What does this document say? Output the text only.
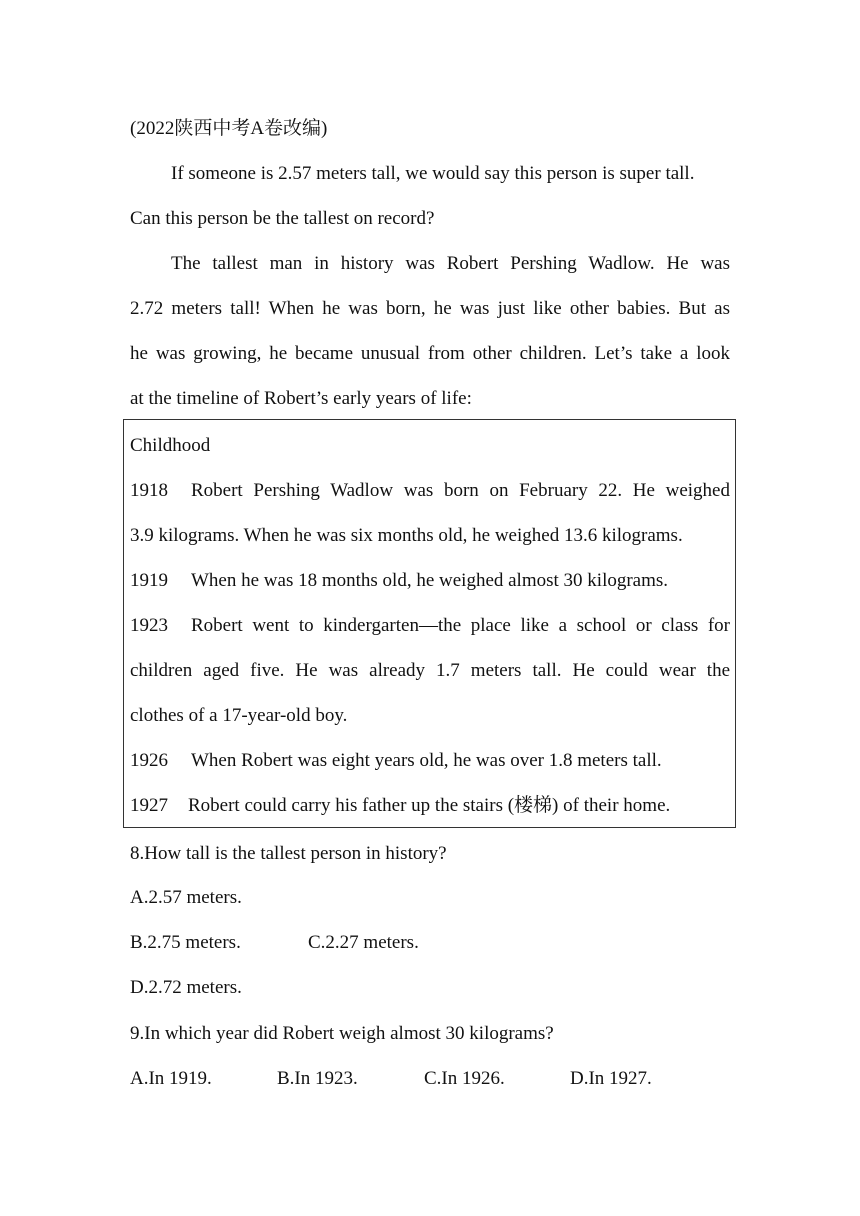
(2022陕西中考A卷改编)
If someone is 2.57 meters tall, we would say this person is super tall.
Can this person be the tallest on record?
The tallest man in history was Robert Pershing Wadlow. He was
2.72 meters tall! When he was born, he was just like other babies. But as
he was growing, he became unusual from other children. Let’s take a look
at the timeline of Robert’s early years of life:
Childhood
1918 Robert Pershing Wadlow was born on February 22. He weighed
3.9 kilograms. When he was six months old, he weighed 13.6 kilograms.
1919 When he was 18 months old, he weighed almost 30 kilograms.
1923 Robert went to kindergarten—the place like a school or class for
children aged five. He was already 1.7 meters tall. He could wear the
clothes of a 17-year-old boy.
1926 When Robert was eight years old, he was over 1.8 meters tall.
1927 Robert could carry his father up the stairs (楼梯) of their home.
8.How tall is the tallest person in history?
A.2.57 meters.
B.2.75 meters.	C.2.27 meters.
D.2.72 meters.
9.In which year did Robert weigh almost 30 kilograms?
A.In 1919.	B.In 1923.	C.In 1926.	D.In 1927.
